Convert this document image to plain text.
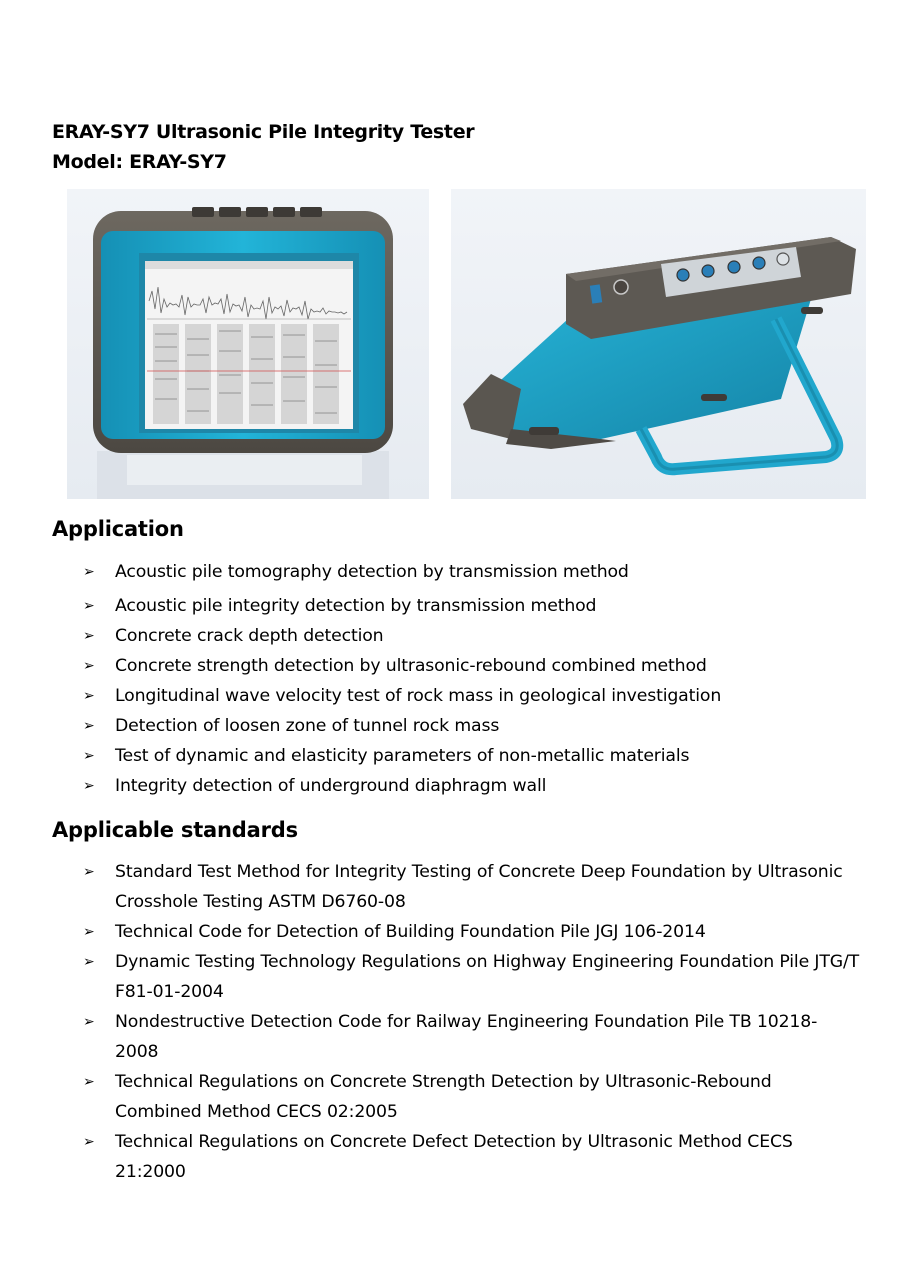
ERAY-SY7 Ultrasonic Pile Integrity Tester
Model: ERAY-SY7
Application
➢ Acoustic pile tomography detection by transmission method
➢ Acoustic pile integrity detection by transmission method
➢ Concrete crack depth detection
➢ Concrete strength detection by ultrasonic-rebound combined method
➢ Longitudinal wave velocity test of rock mass in geological investigation
➢ Detection of loosen zone of tunnel rock mass
➢ Test of dynamic and elasticity parameters of non-metallic materials
➢ Integrity detection of underground diaphragm wall
Applicable standards
➢ Standard Test Method for Integrity Testing of Concrete Deep Foundation by Ultrasonic Crosshole Testing ASTM D6760-08
➢ Technical Code for Detection of Building Foundation Pile JGJ 106-2014
➢ Dynamic Testing Technology Regulations on Highway Engineering Foundation Pile JTG/T F81-01-2004
➢ Nondestructive Detection Code for Railway Engineering Foundation Pile TB 10218-2008
➢ Technical Regulations on Concrete Strength Detection by Ultrasonic-Rebound Combined Method CECS 02:2005
➢ Technical Regulations on Concrete Defect Detection by Ultrasonic Method CECS 21:2000
